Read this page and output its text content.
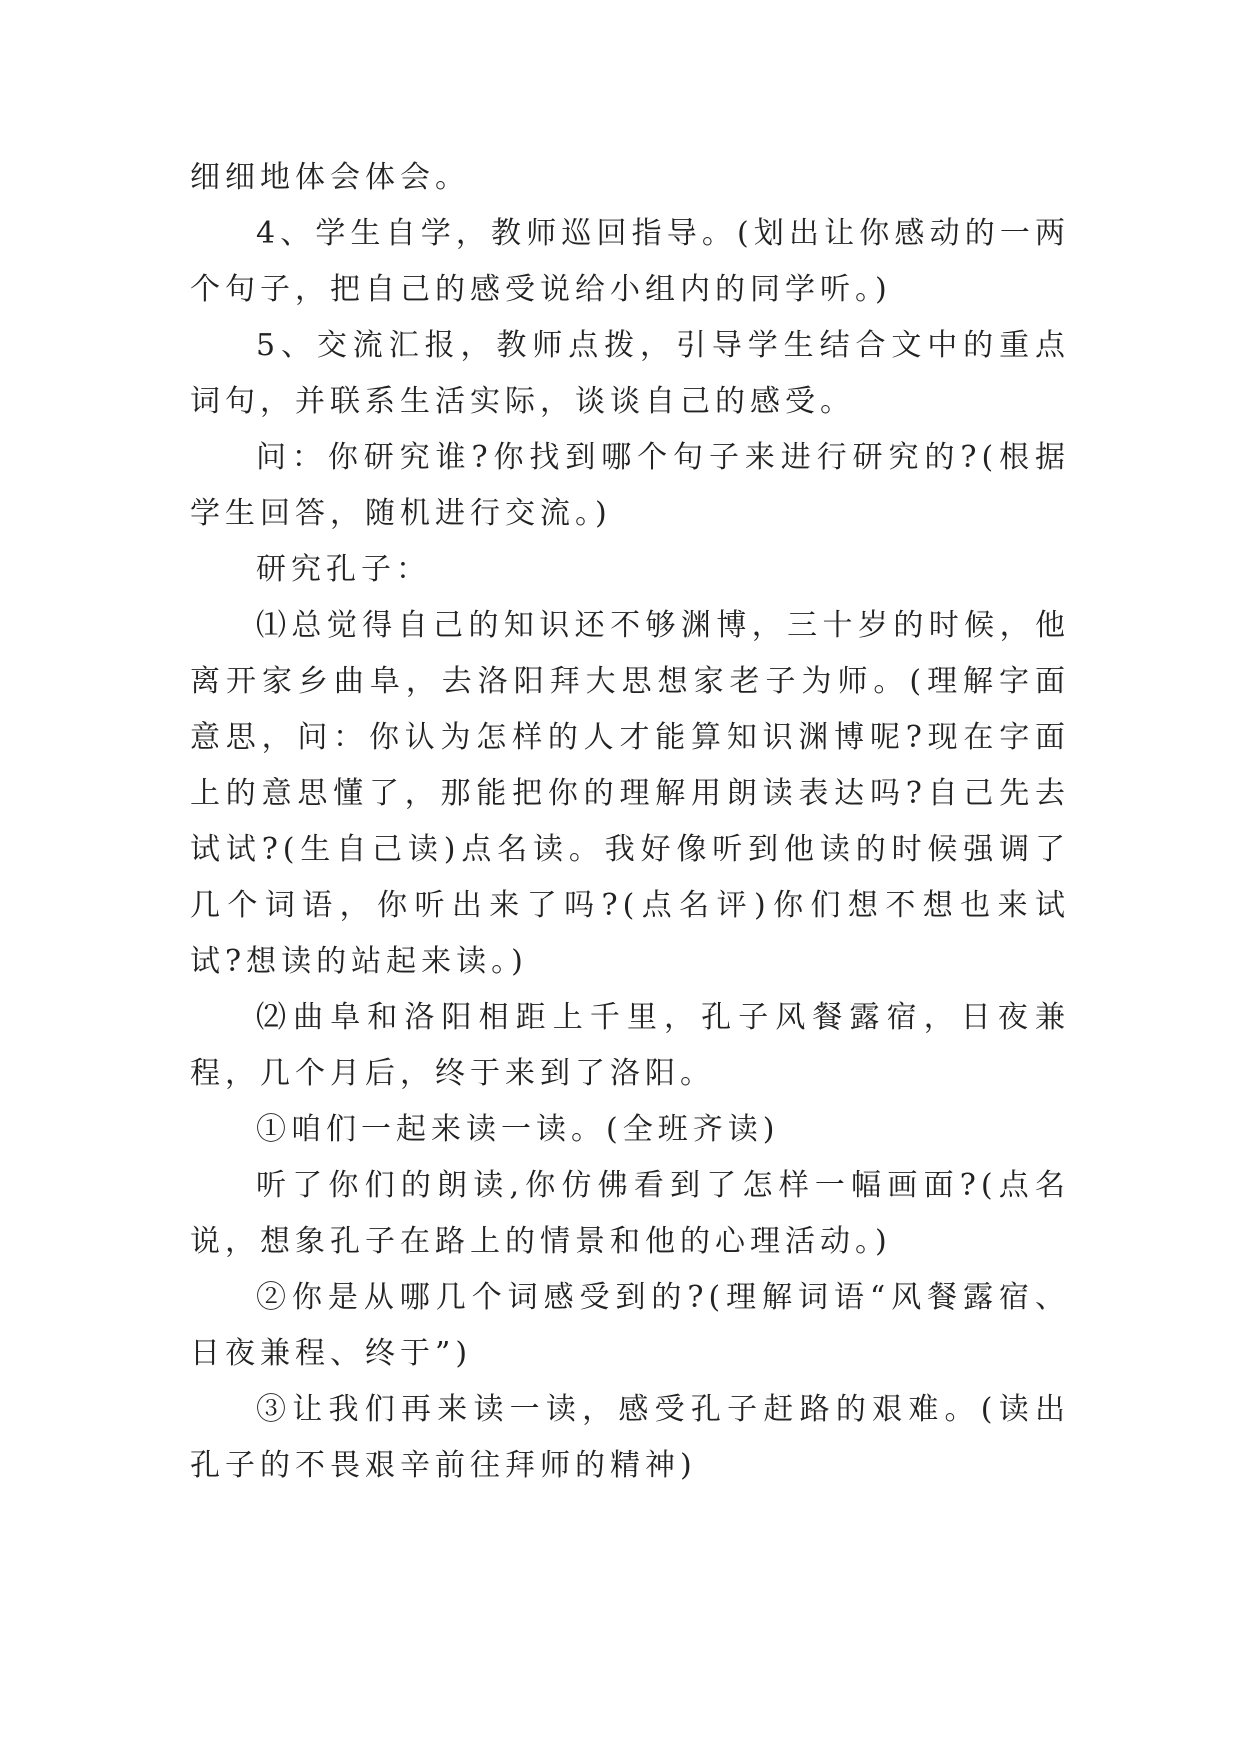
细细地体会体会。

4、学生自学，教师巡回指导。(划出让你感动的一两个句子，把自己的感受说给小组内的同学听。)

5、交流汇报，教师点拨，引导学生结合文中的重点词句，并联系生活实际，谈谈自己的感受。

问：你研究谁?你找到哪个句子来进行研究的?(根据学生回答，随机进行交流。)

研究孔子：

⑴总觉得自己的知识还不够渊博，三十岁的时候，他离开家乡曲阜，去洛阳拜大思想家老子为师。(理解字面意思，问：你认为怎样的人才能算知识渊博呢?现在字面上的意思懂了，那能把你的理解用朗读表达吗?自己先去试试?(生自己读)点名读。我好像听到他读的时候强调了几个词语，你听出来了吗?(点名评)你们想不想也来试试?想读的站起来读。)

⑵曲阜和洛阳相距上千里，孔子风餐露宿，日夜兼程，几个月后，终于来到了洛阳。

①咱们一起来读一读。(全班齐读)

听了你们的朗读,你仿佛看到了怎样一幅画面?(点名说，想象孔子在路上的情景和他的心理活动。)

②你是从哪几个词感受到的?(理解词语“风餐露宿、日夜兼程、终于”)

③让我们再来读一读，感受孔子赶路的艰难。(读出孔子的不畏艰辛前往拜师的精神)
